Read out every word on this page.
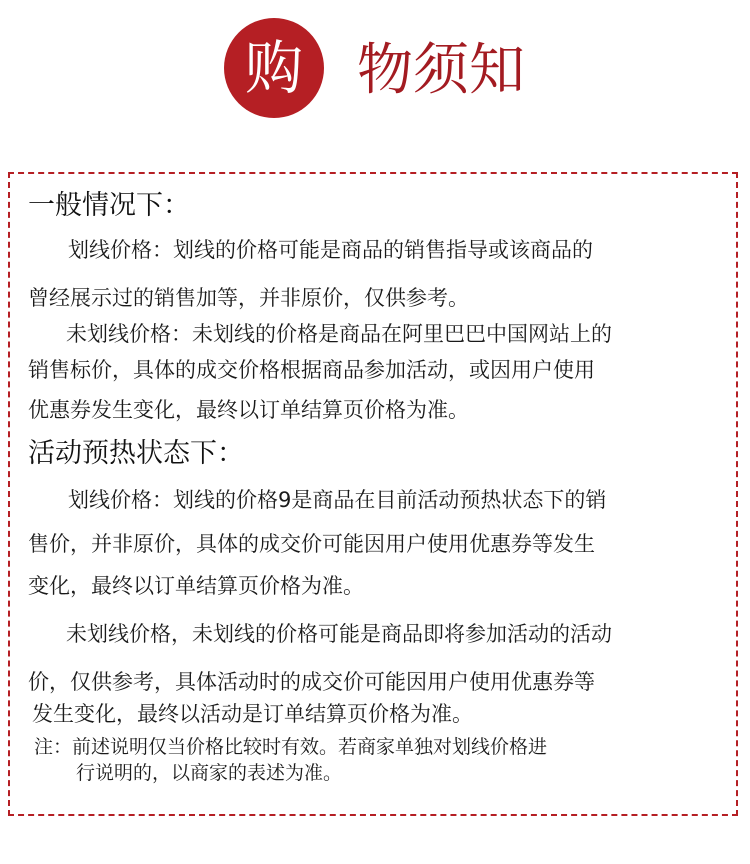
购 物须知
一般情况下：
划线价格：划线的价格可能是商品的销售指导或该商品的
曾经展示过的销售加等，并非原价，仅供参考。
未划线价格：未划线的价格是商品在阿里巴巴中国网站上的
销售标价，具体的成交价格根据商品参加活动，或因用户使用
优惠券发生变化，最终以订单结算页价格为准。
活动预热状态下：
划线价格：划线的价格9是商品在目前活动预热状态下的销
售价，并非原价，具体的成交价可能因用户使用优惠券等发生
变化，最终以订单结算页价格为准。
未划线价格，未划线的价格可能是商品即将参加活动的活动
价，仅供参考，具体活动时的成交价可能因用户使用优惠券等
发生变化，最终以活动是订单结算页价格为准。
注：前述说明仅当价格比较时有效。若商家单独对划线价格进
行说明的，以商家的表述为准。
